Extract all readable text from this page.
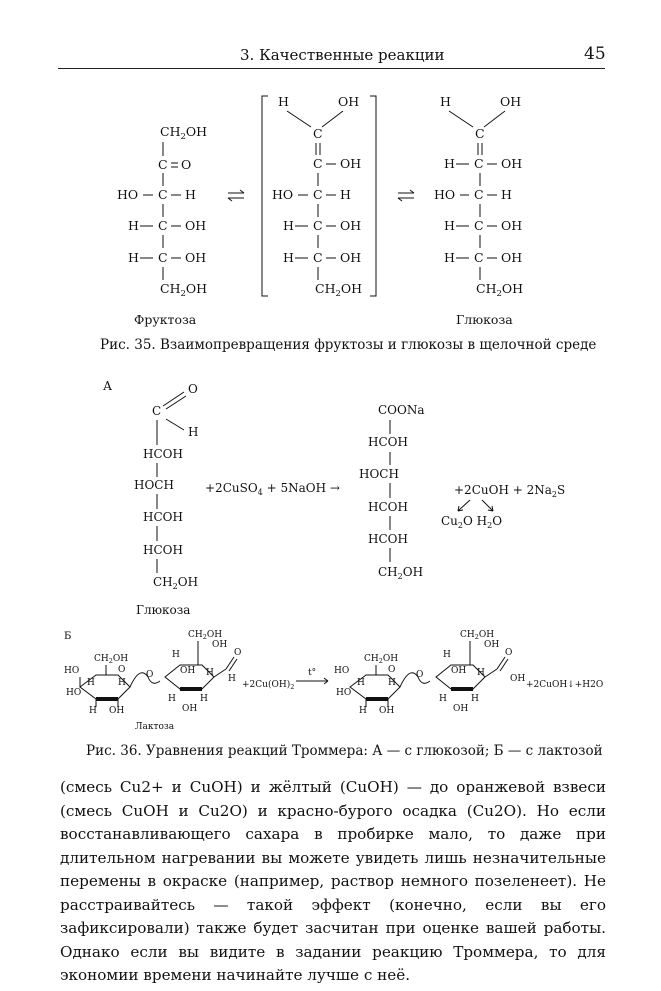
3. Качественные реакции	45
$CH_2OH$
C O
HO C H
H C OH
H C OH
$CH_2OH$
H	OH
C
C OH
HO C H
H C OH
H C OH
$CH_2OH$
H	OH
C
H C OH
HO C H
H C OH
H C OH
$CH_2OH$
Фруктоза	Глюкоза
Рис. 35. Взаимопревращения фруктозы и глюкозы в щелочной среде
А	O
C
H
HCOH
HOCH
HCOH
HCOH
$CH_2OH$
Глюкоза
+2CuSO$_4$ + 5NaOH →
COONa
HCOH
HOCH
HCOH
HCOH
$CH_2OH$
+2CuOH + $2Na_2S$
$Cu_2O$ $H_2O$
Б
$CH_2OH$
O
HO
HO
H
H OH
H
O
$CH_2OH$
OH
H
H
OH
H
OH
H
O
H
Лактоза
$+2Cu(OH)_2$
t°
$CH_2OH$
O
HO
HO
H
H OH
H
O
$CH_2OH$
OH
H
H
OH
H
OH
H
O
OH
+2CuOH↓+H2O
Рис. 36. Уравнения реакций Троммера: А — с глюкозой; Б — с лактозой
(смесь Cu2+ и CuOH) и жёлтый (CuOH) — до оранжевой взвеси (смесь CuOH и Cu2O) и красно-бурого осадка (Cu2O). Но если восстанавливающего сахара в пробирке мало, то даже при длительном нагревании вы можете увидеть лишь незначительные перемены в окраске (например, раствор немного позеленеет). Не расстраивайтесь — такой эффект (конечно, если вы его зафиксировали) также будет засчитан при оценке вашей работы. Однако если вы видите в задании реакцию Троммера, то для экономии времени начинайте лучше с неё.
